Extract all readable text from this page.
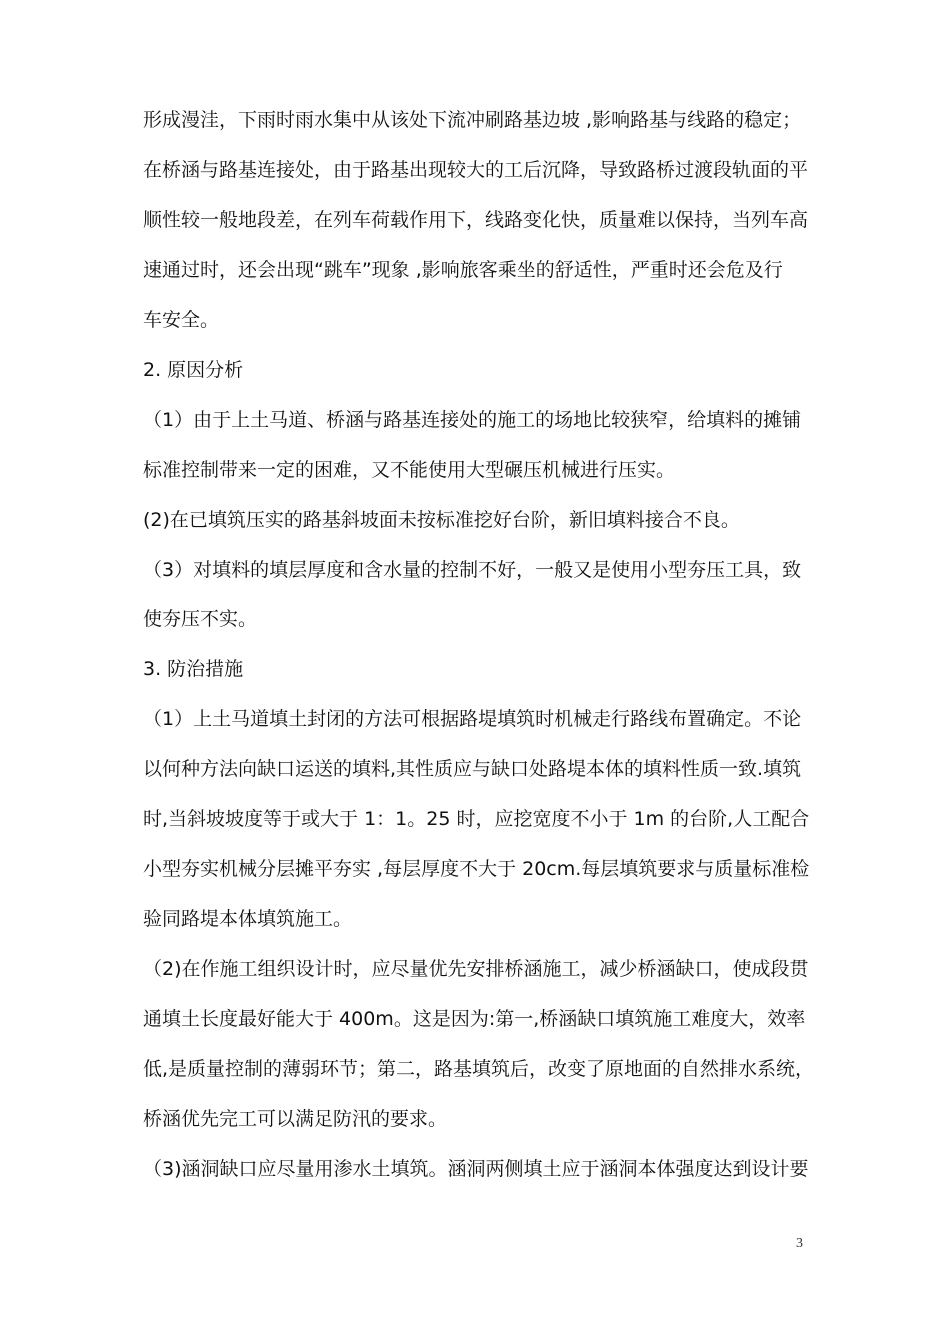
形成漫洼，下雨时雨水集中从该处下流冲刷路基边坡 ,影响路基与线路的稳定；
在桥涵与路基连接处，由于路基出现较大的工后沉降，导致路桥过渡段轨面的平
顺性较一般地段差，在列车荷载作用下，线路变化快，质量难以保持，当列车高
速通过时，还会出现“跳车”现象 ,影响旅客乘坐的舒适性，严重时还会危及行
车安全。
2. 原因分析
（1）由于上土马道、桥涵与路基连接处的施工的场地比较狭窄，给填料的摊铺
标准控制带来一定的困难，又不能使用大型碾压机械进行压实。
(2)在已填筑压实的路基斜坡面未按标准挖好台阶，新旧填料接合不良。
（3）对填料的填层厚度和含水量的控制不好，一般又是使用小型夯压工具，致
使夯压不实。
3. 防治措施
（1）上土马道填土封闭的方法可根据路堤填筑时机械走行路线布置确定。不论
以何种方法向缺口运送的填料,其性质应与缺口处路堤本体的填料性质一致.填筑
时,当斜坡坡度等于或大于 1：1。25 时，应挖宽度不小于 1m 的台阶,人工配合
小型夯实机械分层摊平夯实 ,每层厚度不大于 20cm.每层填筑要求与质量标准检
验同路堤本体填筑施工。
（2)在作施工组织设计时，应尽量优先安排桥涵施工，减少桥涵缺口，使成段贯
通填土长度最好能大于 400m。这是因为:第一,桥涵缺口填筑施工难度大，效率
低,是质量控制的薄弱环节；第二，路基填筑后，改变了原地面的自然排水系统，
桥涵优先完工可以满足防汛的要求。
（3)涵洞缺口应尽量用渗水土填筑。涵洞两侧填土应于涵洞本体强度达到设计要
3
